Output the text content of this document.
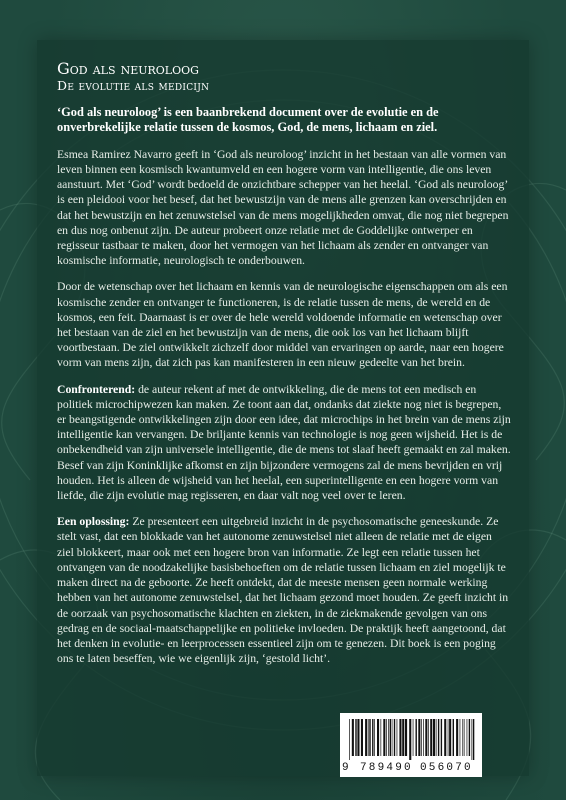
God als neuroloog
De evolutie als medicijn

‘God als neuroloog’ is een baanbrekend document over de evolutie en de onverbrekelijke relatie tussen de kosmos, God, de mens, lichaam en ziel.

Esmea Ramirez Navarro geeft in ‘God als neuroloog’ inzicht in het bestaan van alle vormen van leven binnen een kosmisch kwantumveld en een hogere vorm van intelligentie, die ons leven aanstuurt. Met ‘God’ wordt bedoeld de onzichtbare schepper van het heelal. ‘God als neuroloog’ is een pleidooi voor het besef, dat het bewustzijn van de mens alle grenzen kan overschrijden en dat het bewustzijn en het zenuwstelsel van de mens mogelijkheden omvat, die nog niet begrepen en dus nog onbenut zijn. De auteur probeert onze relatie met de Goddelijke ontwerper en regisseur tastbaar te maken, door het vermogen van het lichaam als zender en ontvanger van kosmische informatie, neurologisch te onderbouwen.

Door de wetenschap over het lichaam en kennis van de neurologische eigenschappen om als een kosmische zender en ontvanger te functioneren, is de relatie tussen de mens, de wereld en de kosmos, een feit. Daarnaast is er over de hele wereld voldoende informatie en wetenschap over het bestaan van de ziel en het bewustzijn van de mens, die ook los van het lichaam blijft voortbestaan. De ziel ontwikkelt zichzelf door middel van ervaringen op aarde, naar een hogere vorm van mens zijn, dat zich pas kan manifesteren in een nieuw gedeelte van het brein.

Confronterend: de auteur rekent af met de ontwikkeling, die de mens tot een medisch en politiek microchipwezen kan maken. Ze toont aan dat, ondanks dat ziekte nog niet is begrepen, er beangstigende ontwikkelingen zijn door een idee, dat microchips in het brein van de mens zijn intelligentie kan vervangen. De briljante kennis van technologie is nog geen wijsheid. Het is de onbekendheid van zijn universele intelligentie, die de mens tot slaaf heeft gemaakt en zal maken. Besef van zijn Koninklijke afkomst en zijn bijzondere vermogens zal de mens bevrijden en vrij houden. Het is alleen de wijsheid van het heelal, een superintelligente en een hogere vorm van liefde, die zijn evolutie mag regisseren, en daar valt nog veel over te leren.

Een oplossing: Ze presenteert een uitgebreid inzicht in de psychosomatische geneeskunde. Ze stelt vast, dat een blokkade van het autonome zenuwstelsel niet alleen de relatie met de eigen ziel blokkeert, maar ook met een hogere bron van informatie. Ze legt een relatie tussen het ontvangen van de noodzakelijke basisbehoeften om de relatie tussen lichaam en ziel mogelijk te maken direct na de geboorte. Ze heeft ontdekt, dat de meeste mensen geen normale werking hebben van het autonome zenuwstelsel, dat het lichaam gezond moet houden. Ze geeft inzicht in de oorzaak van psychosomatische klachten en ziekten, in de ziekmakende gevolgen van ons gedrag en de sociaal-maatschappelijke en politieke invloeden. De praktijk heeft aangetoond, dat het denken in evolutie- en leerprocessen essentieel zijn om te genezen. Dit boek is een poging ons te laten beseffen, wie we eigenlijk zijn, ‘gestold licht’.

9 789490 056070
